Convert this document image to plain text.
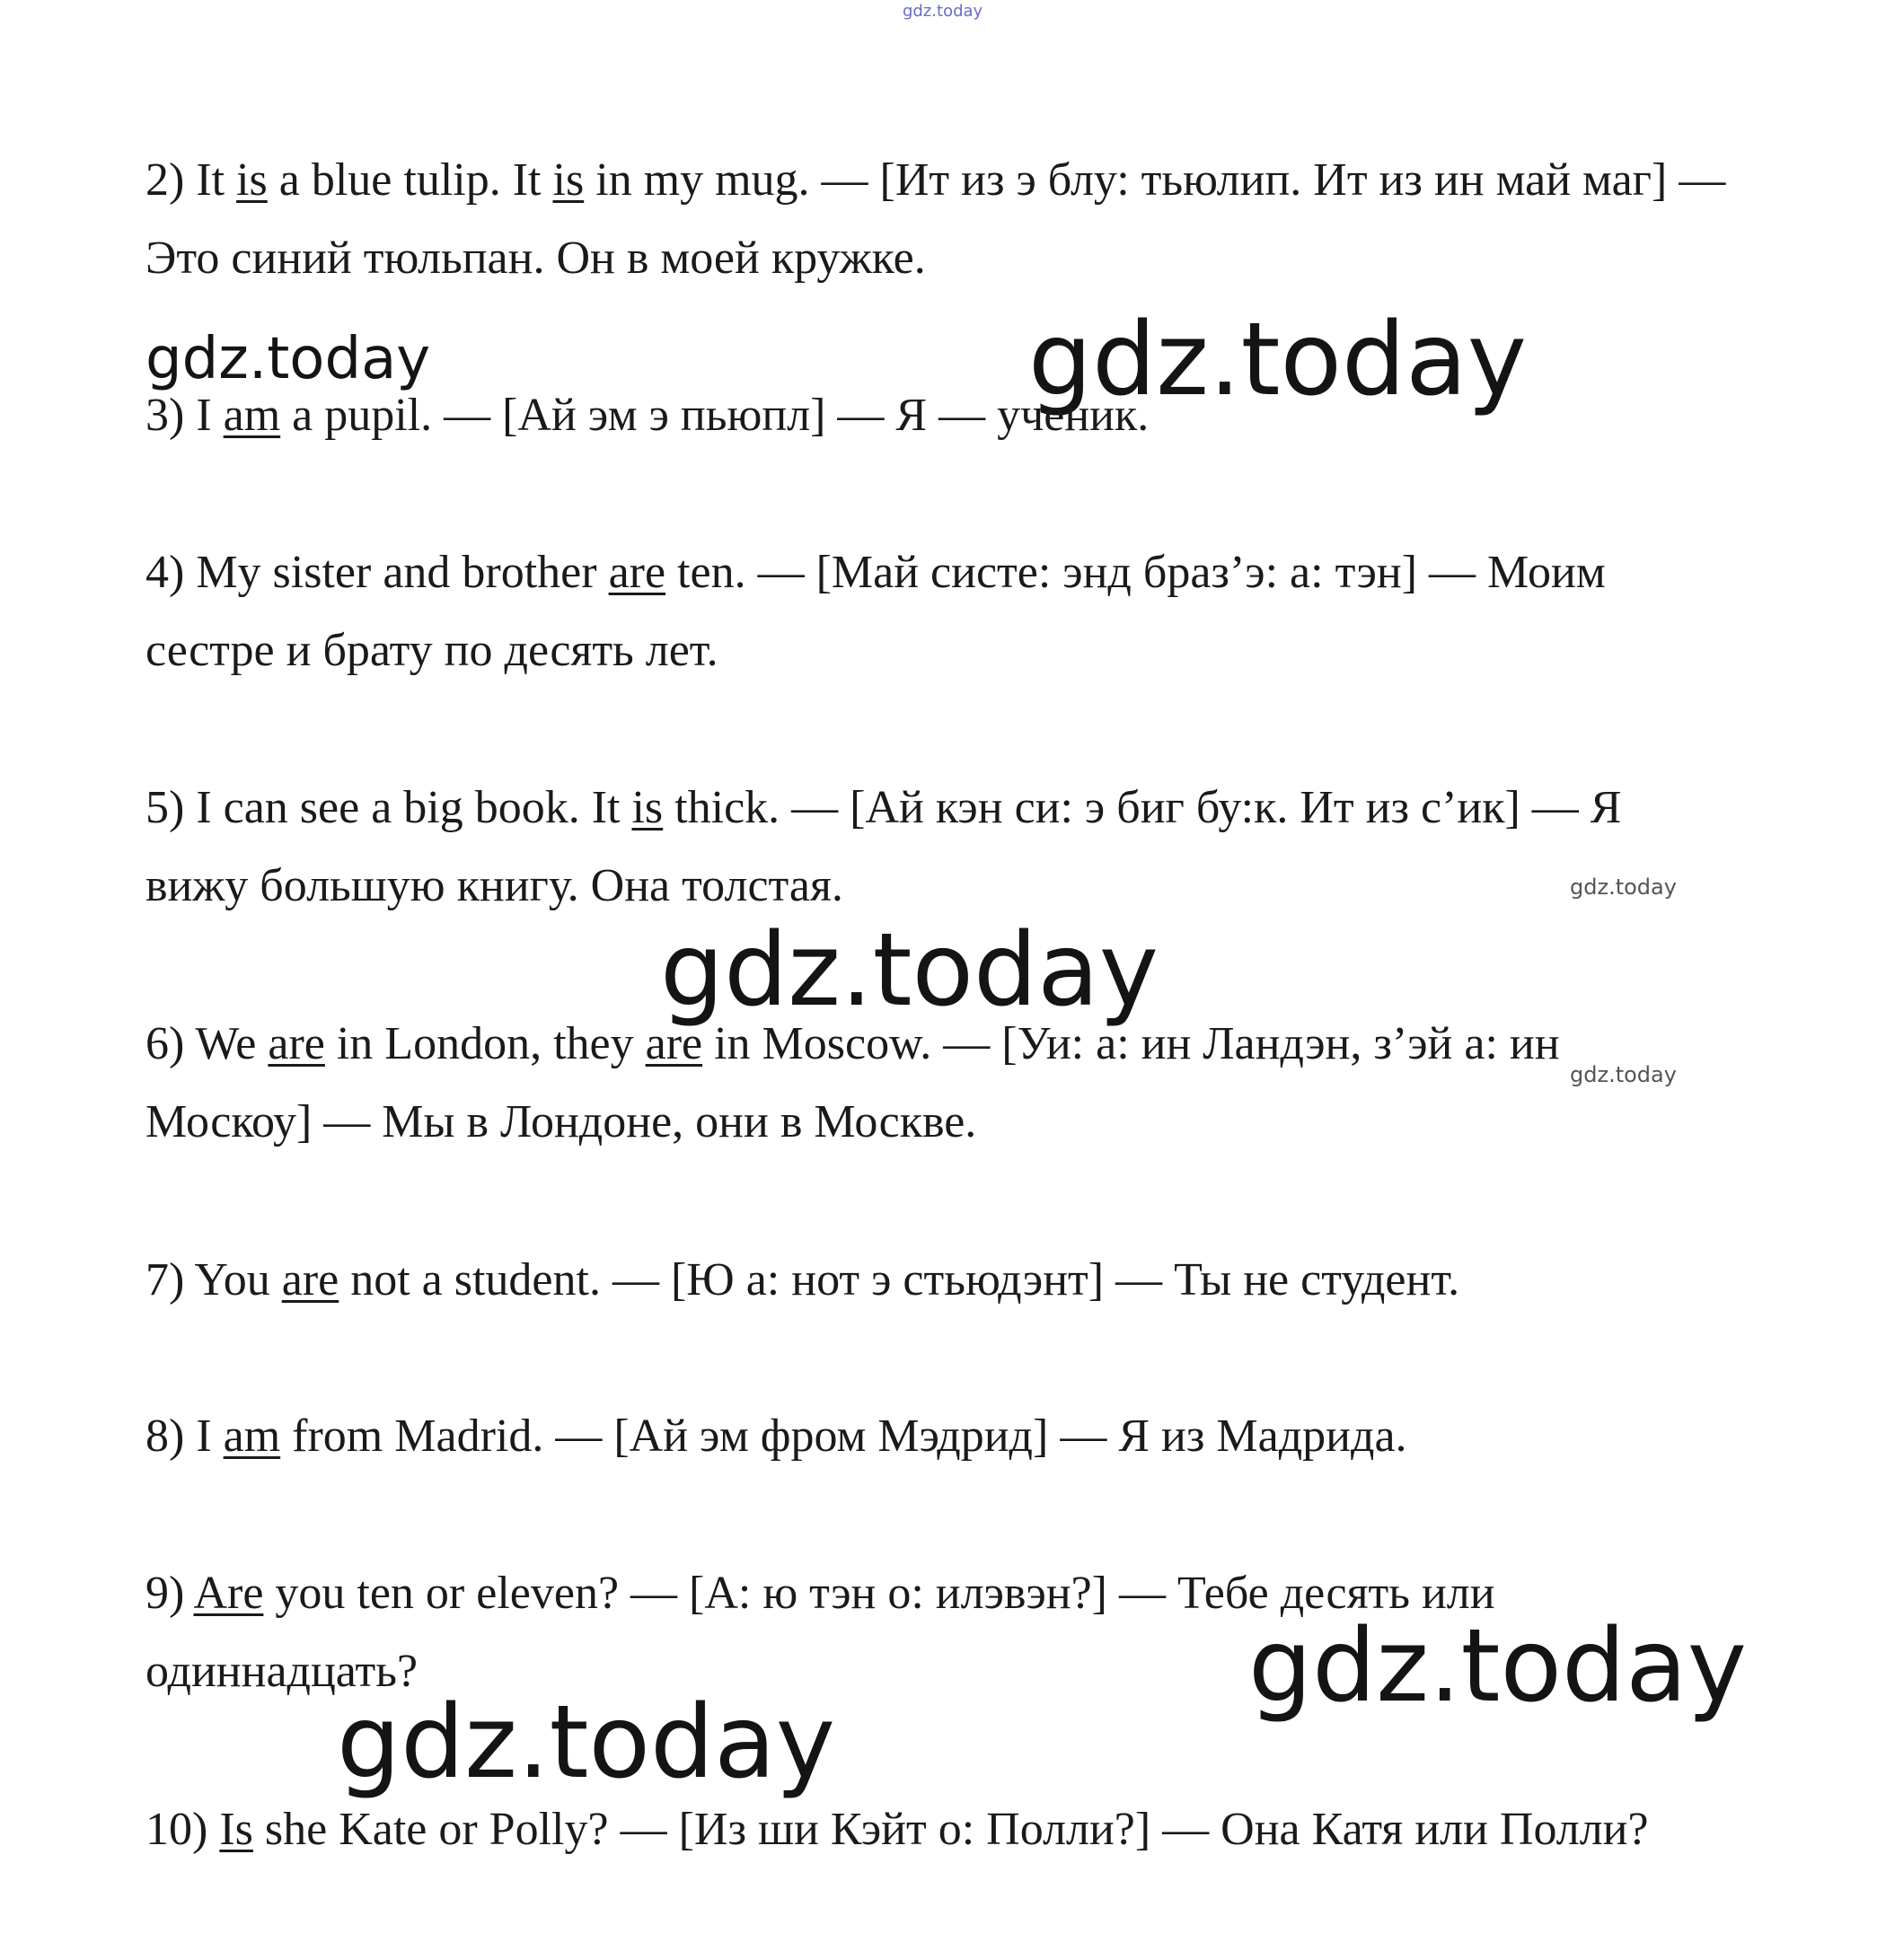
gdz.today
gdz.today	gdz.today
gdz.today
gdz.today
gdz.today
gdz.today
gdz.today

2) It is a blue tulip. It is in my mug. — [Ит из э блу: тьюлип. Ит из ин май маг] — Это синий тюльпан. Он в моей кружке.

3) I am a pupil. — [Ай эм э пьюпл] — Я — ученик.

4) My sister and brother are ten. — [Май систе: энд браз’э: а: тэн] — Моим сестре и брату по десять лет.

5) I can see a big book. It is thick. — [Ай кэн си: э биг бу:к. Ит из с’ик] — Я вижу большую книгу. Она толстая.

6) We are in London, they are in Moscow. — [Уи: а: ин Ландэн, з’эй а: ин Москоу] — Мы в Лондоне, они в Москве.

7) You are not a student. — [Ю а: нот э стьюдэнт] — Ты не студент.

8) I am from Madrid. — [Ай эм фром Мэдрид] — Я из Мадрида.

9) Are you ten or eleven? — [А: ю тэн о: илэвэн?] — Тебе десять или одиннадцать?

10) Is she Kate or Polly? — [Из ши Кэйт о: Полли?] — Она Катя или Полли?
